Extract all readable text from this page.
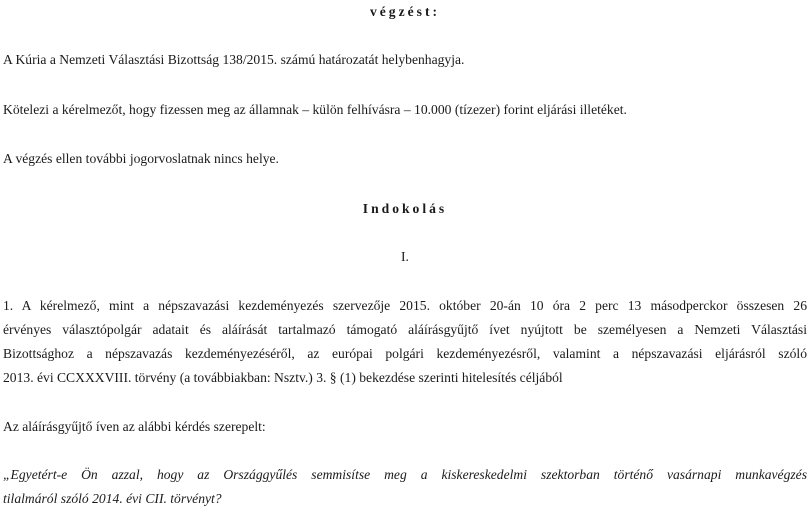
végzést:
A Kúria a Nemzeti Választási Bizottság 138/2015. számú határozatát helybenhagyja.
Kötelezi a kérelmezőt, hogy fizessen meg az államnak – külön felhívásra – 10.000 (tízezer) forint eljárási illetéket.
A végzés ellen további jogorvoslatnak nincs helye.
Indokolás
I.
1. A kérelmező, mint a népszavazási kezdeményezés szervezője 2015. október 20-án 10 óra 2 perc 13 másodperckor összesen 26
érvényes választópolgár adatait és aláírását tartalmazó támogató aláírásgyűjtő ívet nyújtott be személyesen a Nemzeti Választási
Bizottsághoz a népszavazás kezdeményezéséről, az európai polgári kezdeményezésről, valamint a népszavazási eljárásról szóló
2013. évi CCXXXVIII. törvény (a továbbiakban: Nsztv.) 3. § (1) bekezdése szerinti hitelesítés céljából
Az aláírásgyűjtő íven az alábbi kérdés szerepelt:
„Egyetért-e Ön azzal, hogy az Országgyűlés semmisítse meg a kiskereskedelmi szektorban történő vasárnapi munkavégzés
tilalmáról szóló 2014. évi CII. törvényt?
